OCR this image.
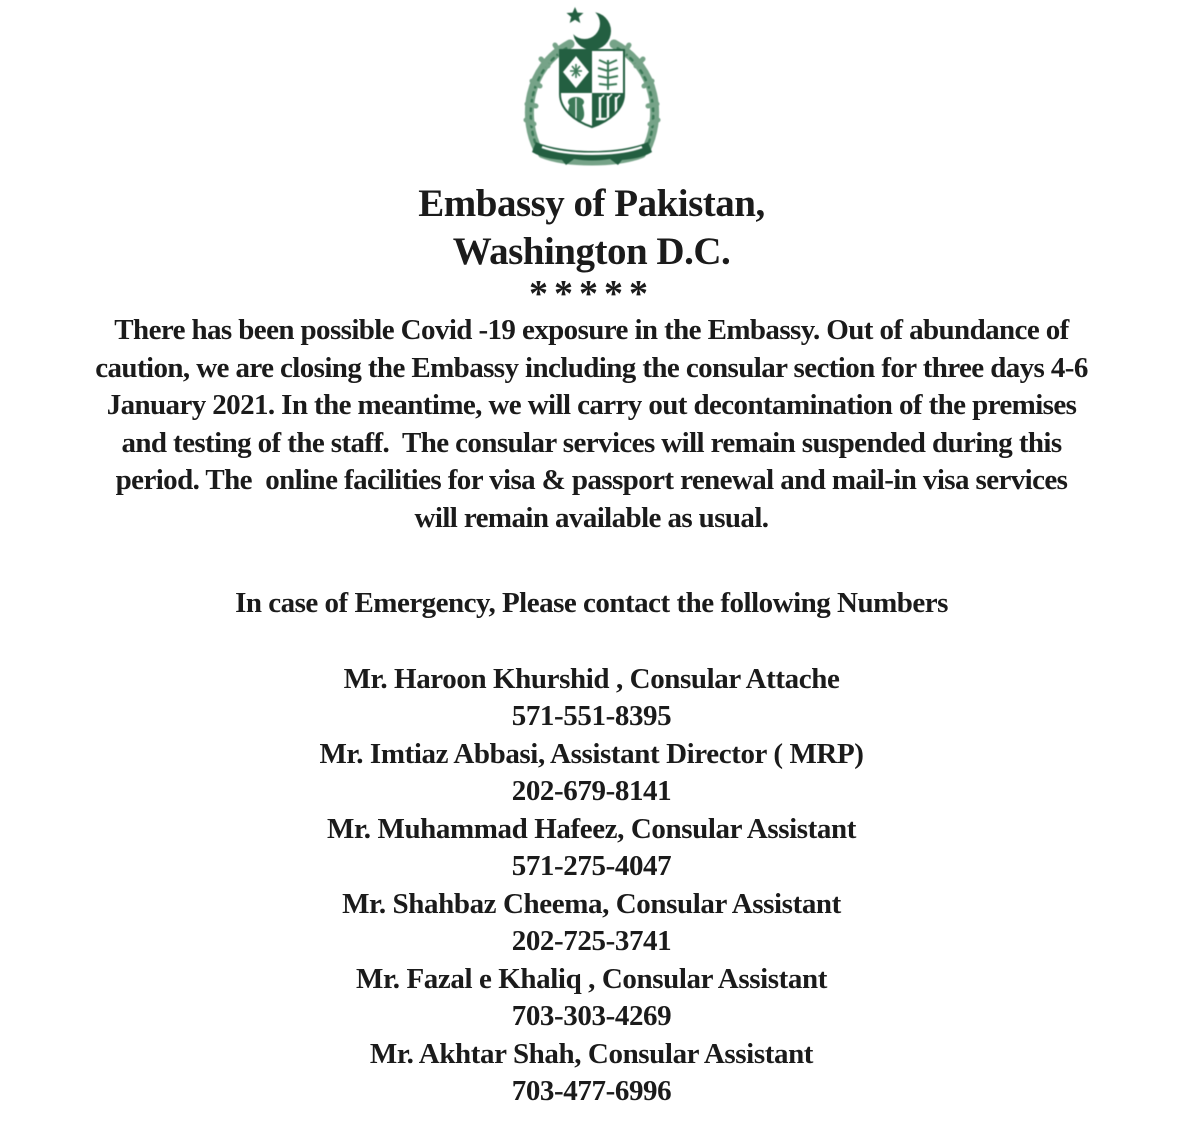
Embassy of Pakistan,
Washington D.C.
*****
There has been possible Covid -19 exposure in the Embassy. Out of abundance of
caution, we are closing the Embassy including the consular section for three days 4-6
January 2021. In the meantime, we will carry out decontamination of the premises
and testing of the staff.  The consular services will remain suspended during this
period. The  online facilities for visa & passport renewal and mail-in visa services
will remain available as usual.
In case of Emergency, Please contact the following Numbers
Mr. Haroon Khurshid , Consular Attache
571-551-8395
Mr. Imtiaz Abbasi, Assistant Director ( MRP)
202-679-8141
Mr. Muhammad Hafeez, Consular Assistant
571-275-4047
Mr. Shahbaz Cheema, Consular Assistant
202-725-3741
Mr. Fazal e Khaliq , Consular Assistant
703-303-4269
Mr. Akhtar Shah, Consular Assistant
703-477-6996
